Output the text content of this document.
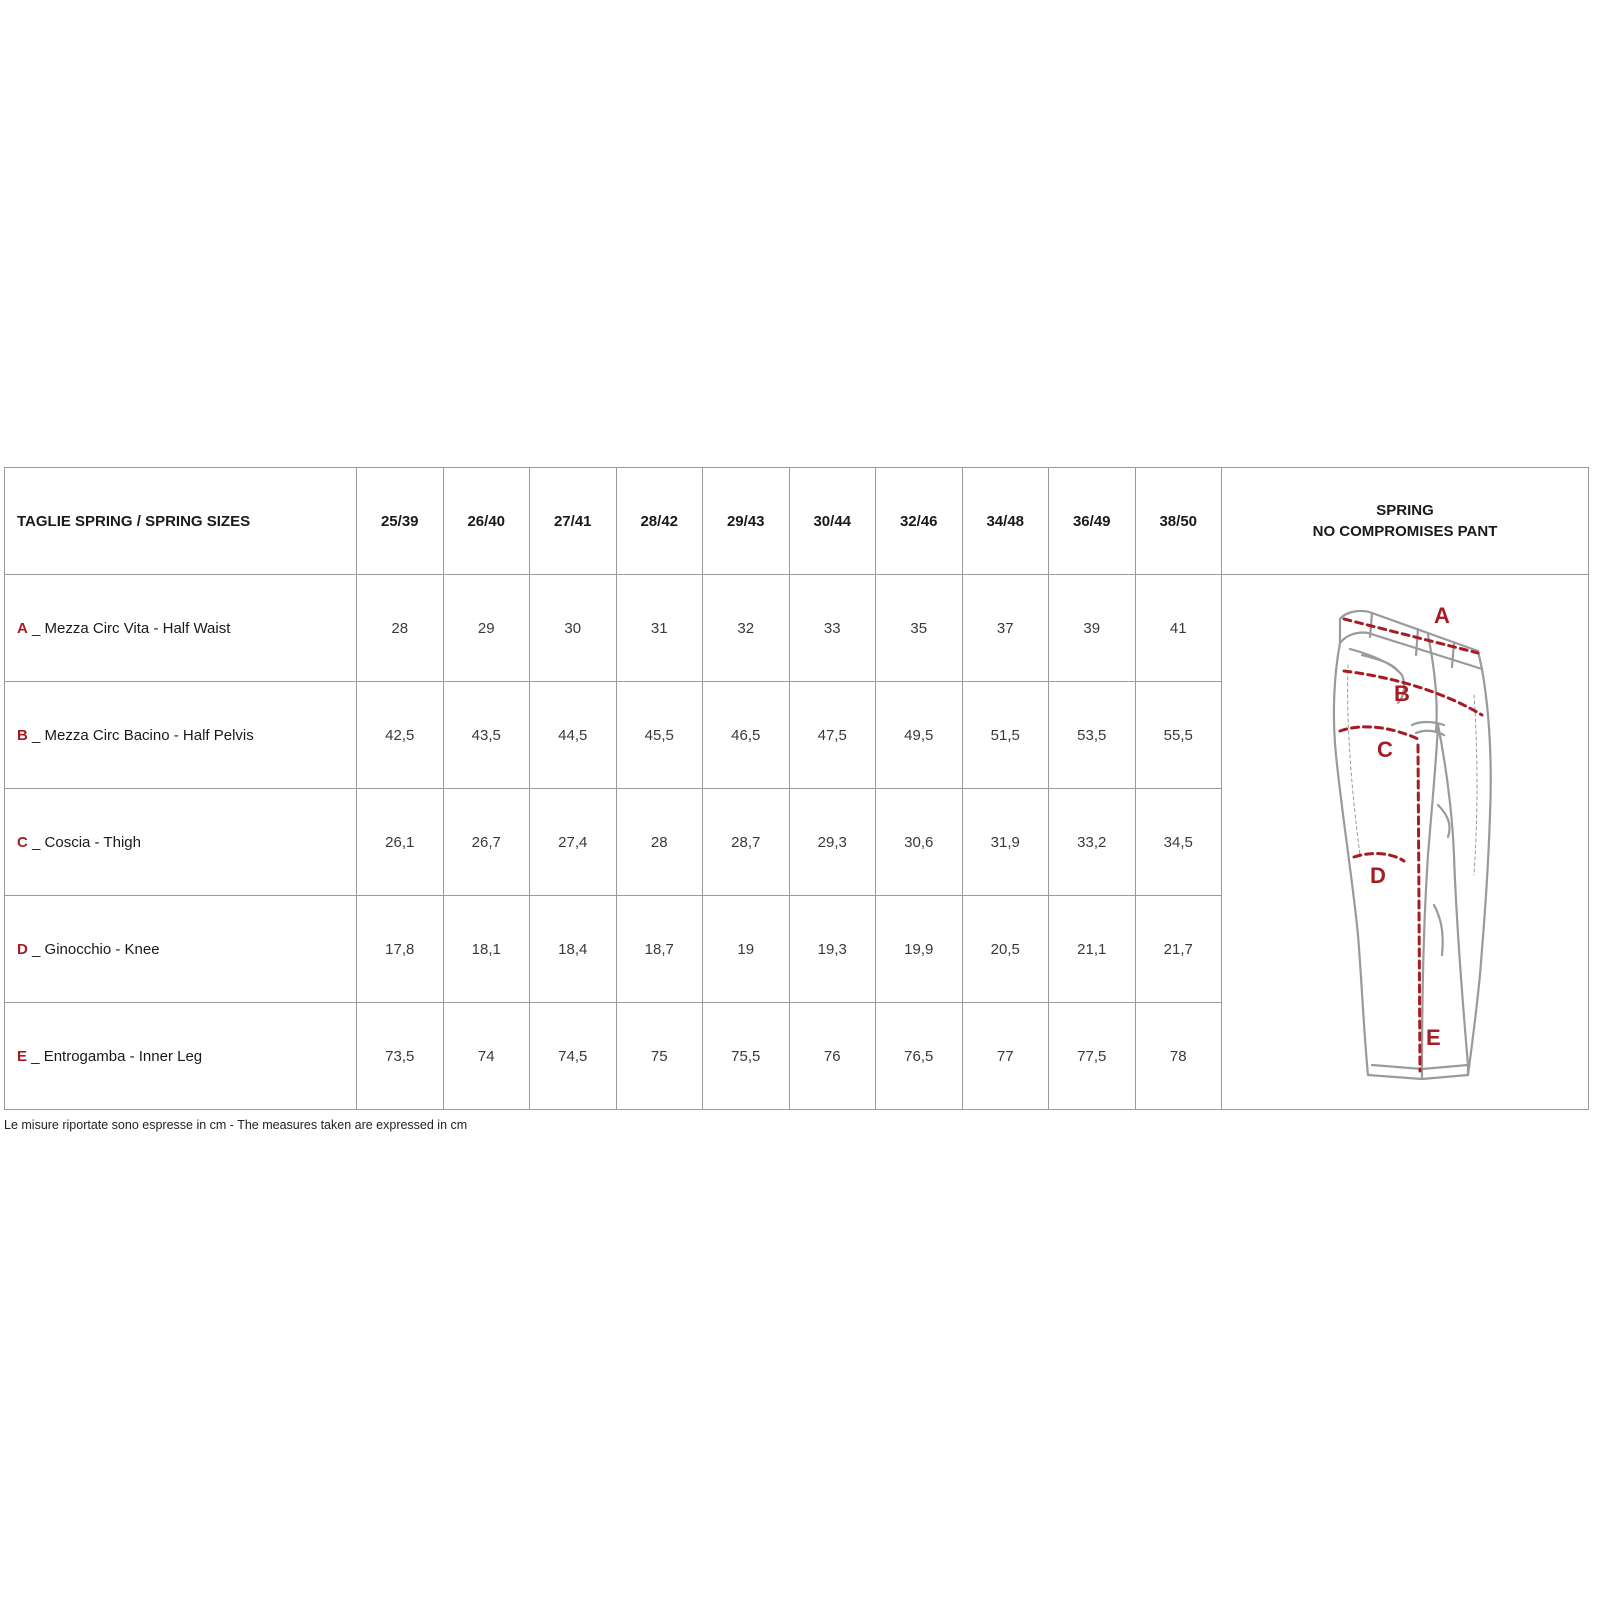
TAGLIE SPRING / SPRING SIZES	25/39	26/40	27/41	28/42	29/43	30/44	32/46	34/48	36/49	38/50	SPRING
NO COMPROMISES PANT

A _ Mezza Circ Vita - Half Waist	28	29	30	31	32	33	35	37	39	41	A
B
C
D
E

B _ Mezza Circ Bacino - Half Pelvis	42,5	43,5	44,5	45,5	46,5	47,5	49,5	51,5	53,5	55,5	
C _ Coscia - Thigh	26,1	26,7	27,4	28	28,7	29,3	30,6	31,9	33,2	34,5	
D _ Ginocchio - Knee	17,8	18,1	18,4	18,7	19	19,3	19,9	20,5	21,1	21,7	
E _ Entrogamba - Inner Leg	73,5	74	74,5	75	75,5	76	76,5	77	77,5	78	
Le misure riportate sono espresse in cm - The measures taken are expressed in cm
